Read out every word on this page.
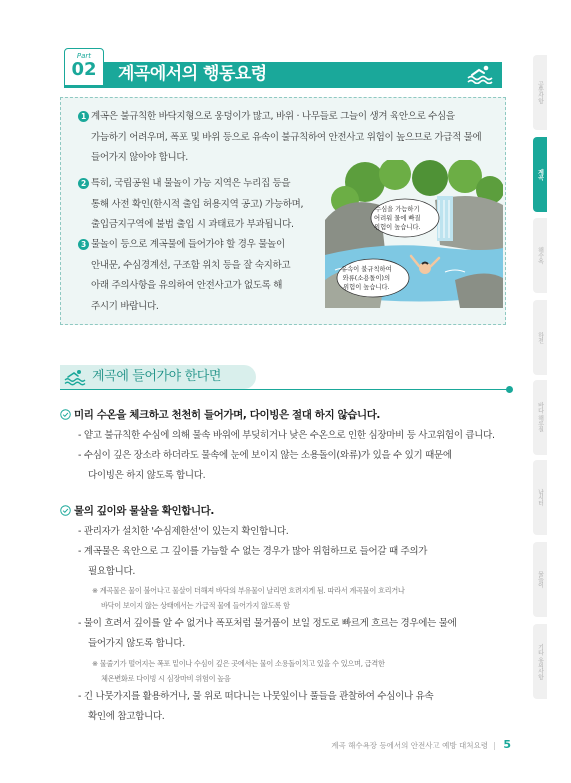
Part
02	계곡에서의 행동요령
1 계곡은 불규칙한 바닥지형으로 웅덩이가 많고, 바위 · 나무들로 그늘이 생겨 육안으로 수심을
가늠하기 어려우며, 폭포 및 바위 등으로 유속이 불규칙하여 안전사고 위험이 높으므로 가급적 물에
들어가지 않아야 합니다.
2 특히, 국립공원 내 물놀이 가능 지역은 누리집 등을
통해 사전 확인(한시적 출입 허용지역 공고) 가능하며,
출입금지구역에 불법 출입 시 과태료가 부과됩니다.
3 물놀이 등으로 계곡물에 들어가야 할 경우 물놀이
안내문, 수심경계선, 구조함 위치 등을 잘 숙지하고
아래 주의사항을 유의하여 안전사고가 없도록 해
주시기 바랍니다.
수심을 가늠하기
어려워 물에 빠질
위험이 높습니다.
유속이 불규칙하여
와류(소용돌이)의
위험이 높습니다.
계곡에 들어가야 한다면
미리 수온을 체크하고 천천히 들어가며, 다이빙은 절대 하지 않습니다.
- 얕고 불규칙한 수심에 의해 물속 바위에 부딪히거나 낮은 수온으로 인한 심장마비 등 사고위험이 큽니다.
- 수심이 깊은 장소라 하더라도 물속에 눈에 보이지 않는 소용돌이(와류)가 있을 수 있기 때문에
다이빙은 하지 않도록 합니다.
물의 깊이와 물살을 확인합니다.
- 관리자가 설치한 '수심제한선'이 있는지 확인합니다.
- 계곡물은 육안으로 그 깊이를 가늠할 수 없는 경우가 많아 위험하므로 들어갈 때 주의가
필요합니다.
※ 계곡물은 물이 불어나고 물살이 더해져 바닥의 부유물이 날리면 흐려지게 됨. 따라서 계곡물이 흐리거나
바닥이 보이지 않는 상태에서는 가급적 물에 들어가지 않도록 함
- 물이 흐려서 깊이를 알 수 없거나 폭포처럼 물거품이 보일 정도로 빠르게 흐르는 경우에는 물에
들어가지 않도록 합니다.
※ 물줄기가 떨어지는 폭포 밑이나 수심이 깊은 곳에서는 물이 소용돌이치고 있을 수 있으며, 급격한
체온변화로 다이빙 시 심장마비 위험이 높음
- 긴 나뭇가지를 활용하거나, 물 위로 떠다니는 나뭇잎이나 풀들을 관찰하여 수심이나 유속
확인에 참고합니다.
계곡 해수욕장 등에서의 안전사고 예방 대처요령 | 5
공통사항
계곡
해수욕
하천
바다 해루질
낚시터
물놀이
기타 유의사항
